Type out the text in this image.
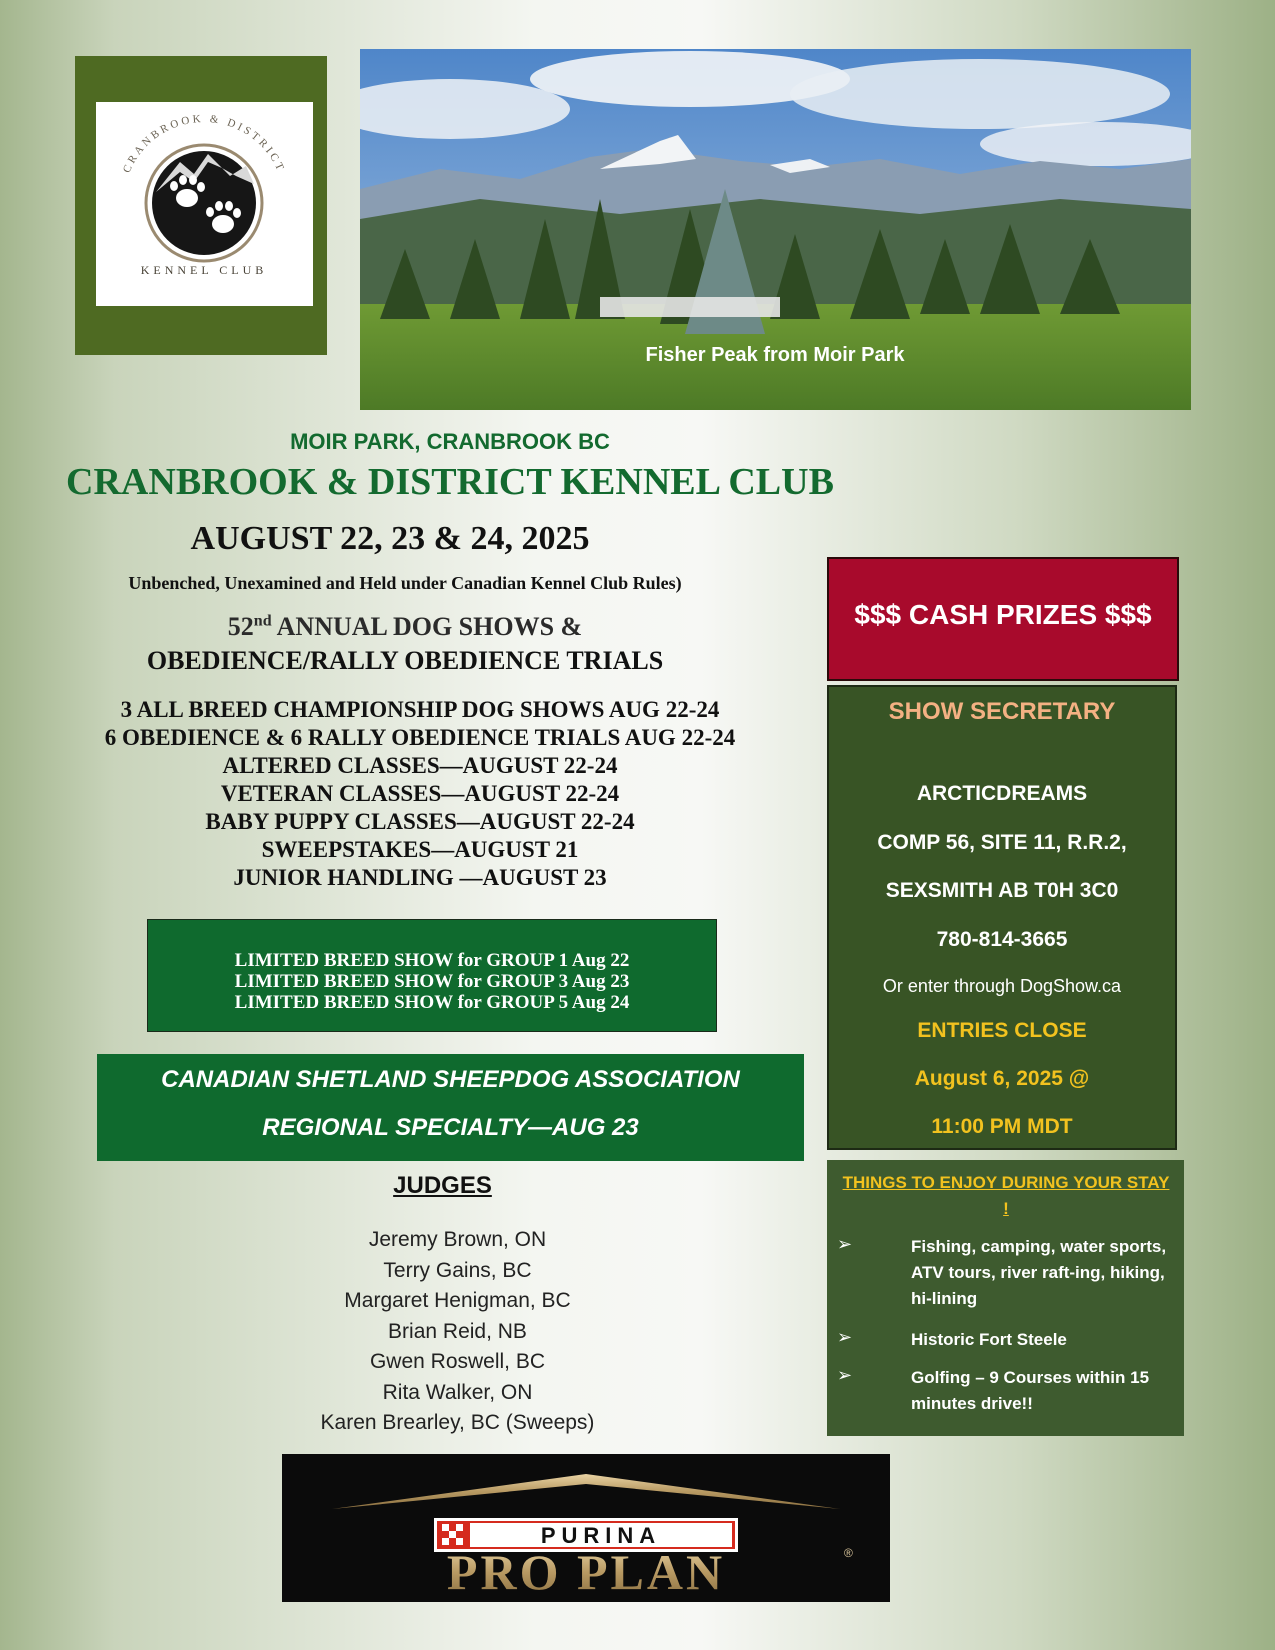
CRANBROOK & DISTRICT
KENNEL CLUB
Fisher Peak from Moir Park
MOIR PARK, CRANBROOK BC
CRANBROOK & DISTRICT KENNEL CLUB
AUGUST 22, 23 & 24, 2025
Unbenched, Unexamined and Held under Canadian Kennel Club Rules)
52nd ANNUAL DOG SHOWS &
OBEDIENCE/RALLY OBEDIENCE TRIALS
3 ALL BREED CHAMPIONSHIP DOG SHOWS AUG 22-24
6 OBEDIENCE & 6 RALLY OBEDIENCE TRIALS AUG 22-24
ALTERED CLASSES—AUGUST 22-24
VETERAN CLASSES—AUGUST 22-24
BABY PUPPY CLASSES—AUGUST 22-24
SWEEPSTAKES—AUGUST 21
JUNIOR HANDLING —AUGUST 23
LIMITED BREED SHOW for GROUP 1 Aug 22
LIMITED BREED SHOW for GROUP 3 Aug 23
LIMITED BREED SHOW for GROUP 5 Aug 24
CANADIAN SHETLAND SHEEPDOG ASSOCIATION
REGIONAL SPECIALTY—AUG 23
JUDGES
Jeremy Brown, ON
Terry Gains, BC
Margaret Henigman, BC
Brian Reid, NB
Gwen Roswell, BC
Rita Walker, ON
Karen Brearley, BC (Sweeps)
PURINA
PRO PLAN	®
$$$ CASH PRIZES $$$
SHOW SECRETARY
ARCTICDREAMS
COMP 56, SITE 11, R.R.2,
SEXSMITH AB T0H 3C0
780-814-3665
Or enter through DogShow.ca
ENTRIES CLOSE
August 6, 2025 @
11:00 PM MDT
THINGS TO ENJOY DURING YOUR STAY !
➢	Fishing, camping, water sports, ATV tours, river raft-ing, hiking, hi-lining
➢	Historic Fort Steele
➢	Golfing – 9 Courses within 15 minutes drive!!
